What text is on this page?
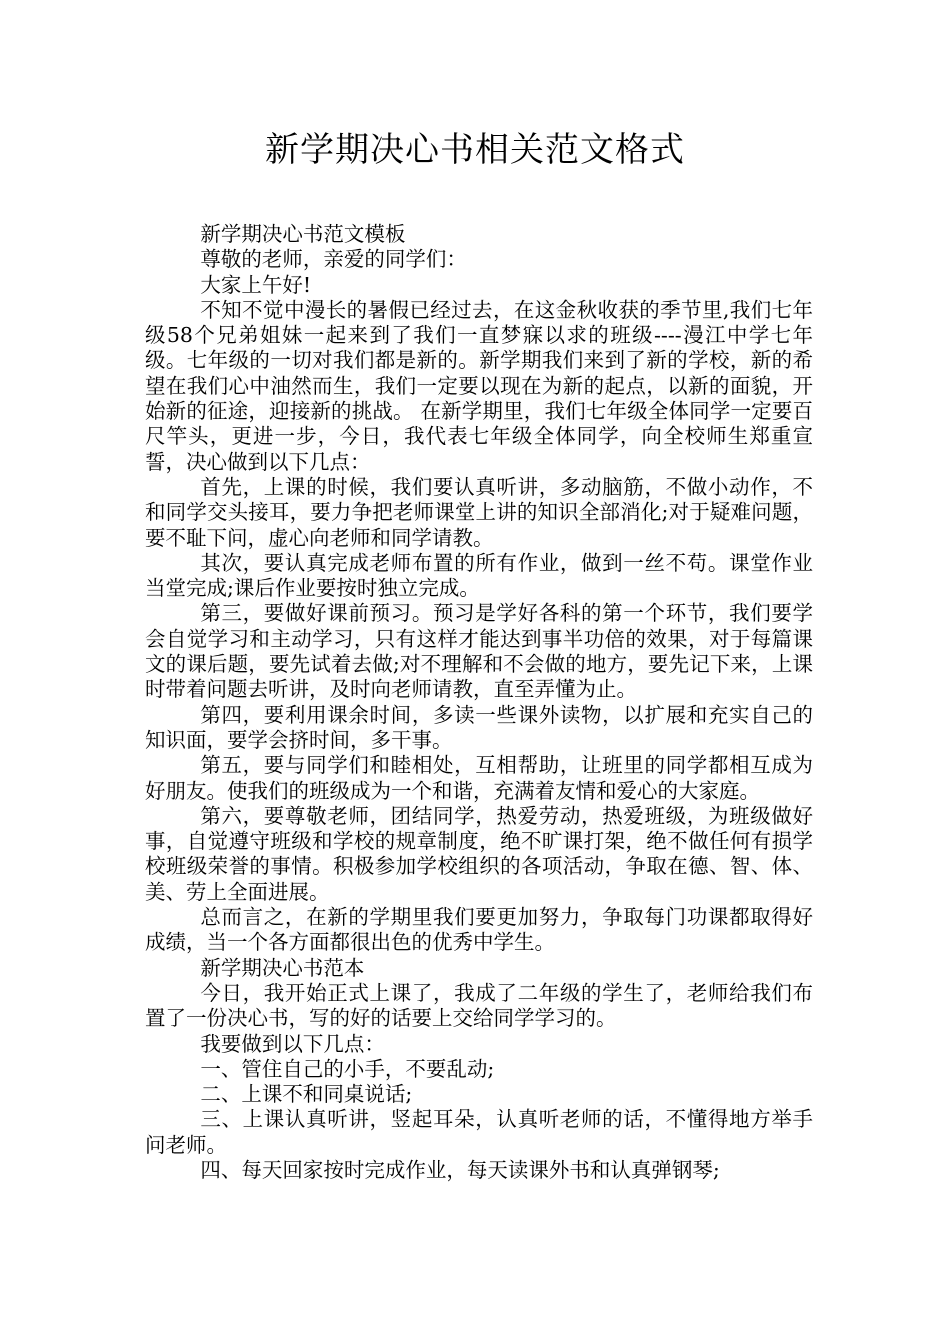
新学期决心书相关范文格式

新学期决心书范文模板

尊敬的老师，亲爱的同学们：

大家上午好!

不知不觉中漫长的暑假已经过去，在这金秋收获的季节里,我们七年级58个兄弟姐妹一起来到了我们一直梦寐以求的班级----漫江中学七年级。七年级的一切对我们都是新的。新学期我们来到了新的学校，新的希望在我们心中油然而生，我们一定要以现在为新的起点，以新的面貌，开始新的征途，迎接新的挑战。 在新学期里，我们七年级全体同学一定要百尺竿头，更进一步，今日，我代表七年级全体同学，向全校师生郑重宣誓，决心做到以下几点：

首先，上课的时候，我们要认真听讲，多动脑筋，不做小动作，不和同学交头接耳，要力争把老师课堂上讲的知识全部消化;对于疑难问题，要不耻下问，虚心向老师和同学请教。

其次，要认真完成老师布置的所有作业，做到一丝不苟。课堂作业当堂完成;课后作业要按时独立完成。

第三，要做好课前预习。预习是学好各科的第一个环节，我们要学会自觉学习和主动学习，只有这样才能达到事半功倍的效果，对于每篇课文的课后题，要先试着去做;对不理解和不会做的地方，要先记下来，上课时带着问题去听讲，及时向老师请教，直至弄懂为止。

第四，要利用课余时间，多读一些课外读物，以扩展和充实自己的知识面，要学会挤时间，多干事。

第五，要与同学们和睦相处，互相帮助，让班里的同学都相互成为好朋友。使我们的班级成为一个和谐，充满着友情和爱心的大家庭。

第六，要尊敬老师，团结同学，热爱劳动，热爱班级，为班级做好事，自觉遵守班级和学校的规章制度，绝不旷课打架，绝不做任何有损学校班级荣誉的事情。积极参加学校组织的各项活动，争取在德、智、体、美、劳上全面进展。

总而言之，在新的学期里我们要更加努力，争取每门功课都取得好成绩，当一个各方面都很出色的优秀中学生。

新学期决心书范本

今日，我开始正式上课了，我成了二年级的学生了，老师给我们布置了一份决心书，写的好的话要上交给同学学习的。

我要做到以下几点：

一、管住自己的小手，不要乱动;

二、上课不和同桌说话;

三、上课认真听讲，竖起耳朵，认真听老师的话，不懂得地方举手问老师。

四、每天回家按时完成作业，每天读课外书和认真弹钢琴;
